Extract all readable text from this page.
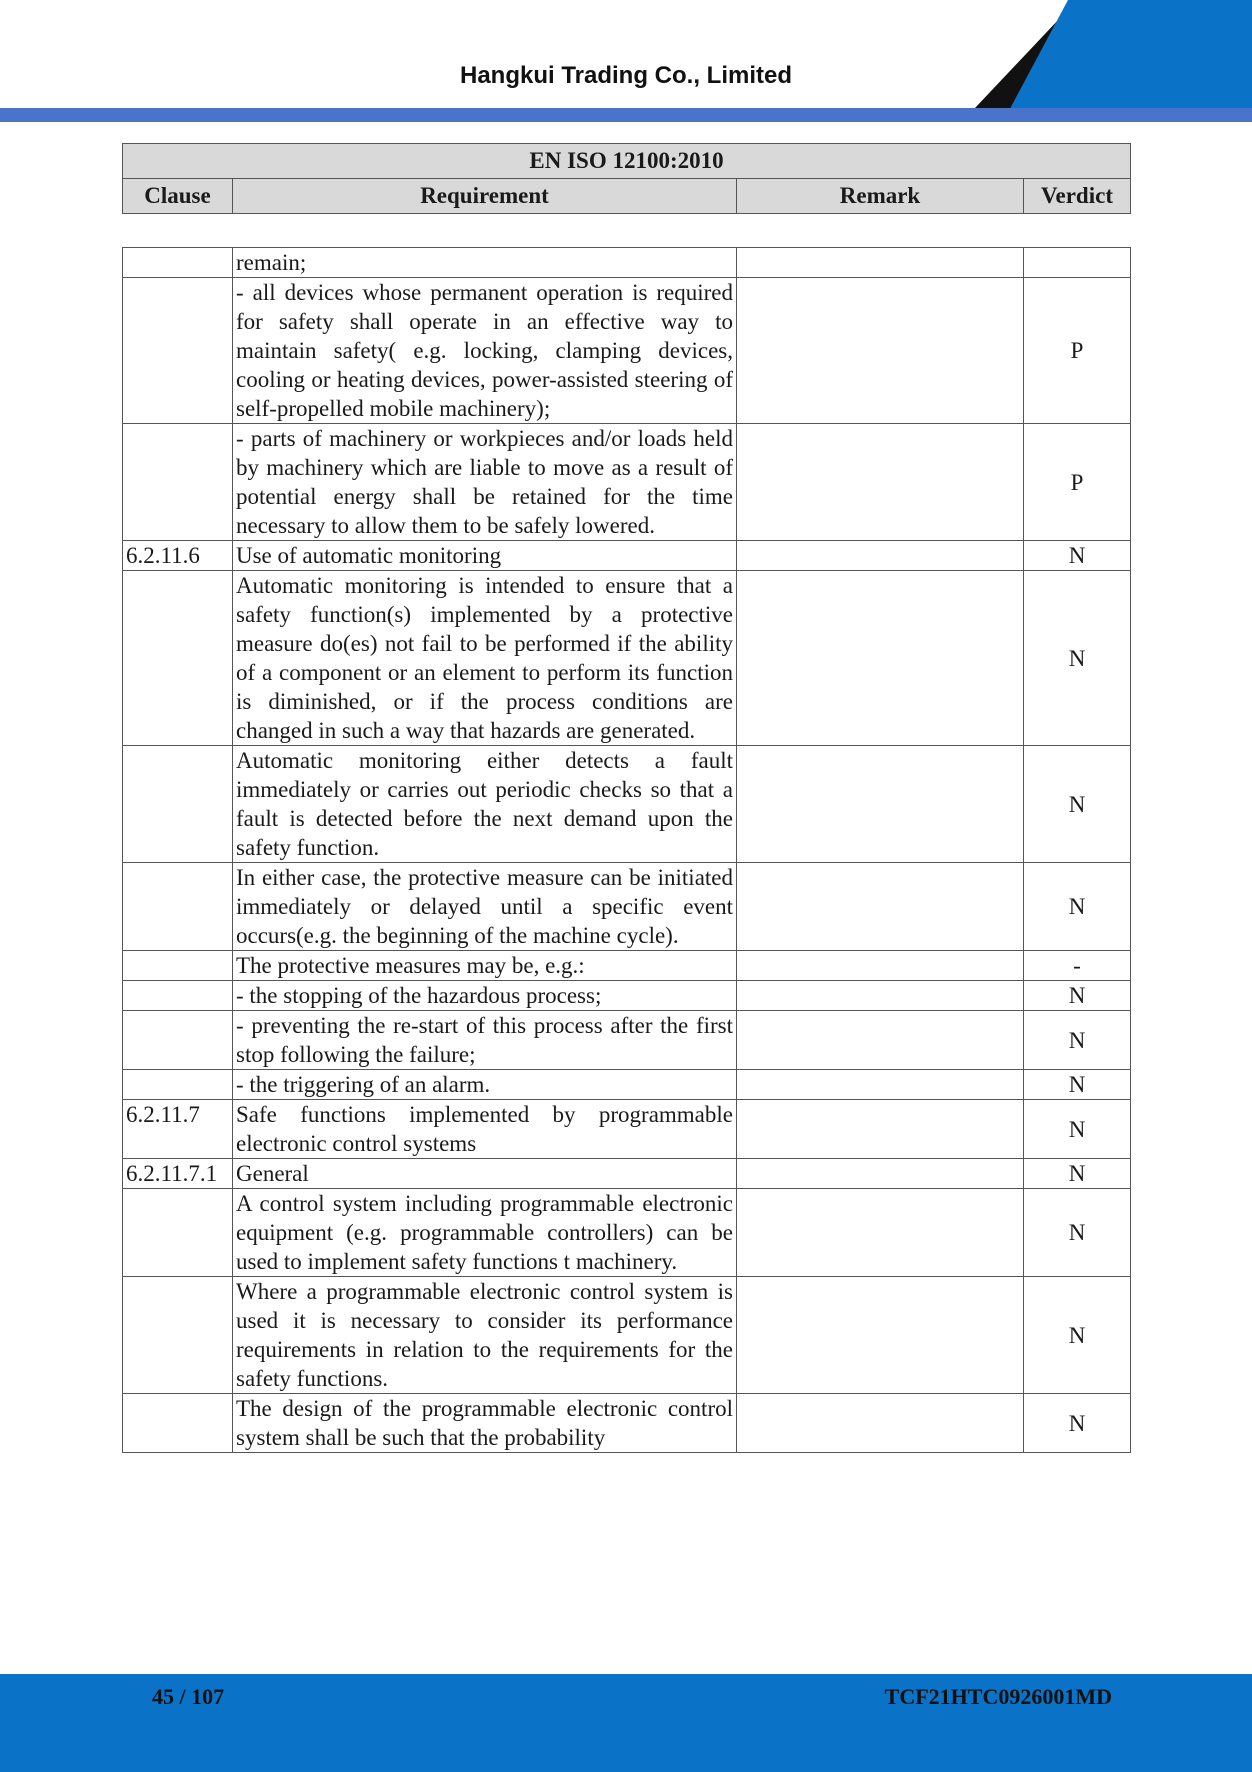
Hangkui Trading Co., Limited
EN ISO 12100:2010
Clause	Requirement	Remark	Verdict
	remain;		
	- all devices whose permanent operation is required for safety shall operate in an effective way to maintain safety( e.g. locking, clamping devices, cooling or heating devices, power-assisted steering of self-propelled mobile machinery);		P
	- parts of machinery or workpieces and/or loads held by machinery which are liable to move as a result of potential energy shall be retained for the time necessary to allow them to be safely lowered.		P
6.2.11.6	Use of automatic monitoring		N
	Automatic monitoring is intended to ensure that a safety function(s) implemented by a protective measure do(es) not fail to be performed if the ability of a component or an element to perform its function is diminished, or if the process conditions are changed in such a way that hazards are generated.		N
	Automatic monitoring either detects a fault immediately or carries out periodic checks so that a fault is detected before the next demand upon the safety function.		N
	In either case, the protective measure can be initiated immediately or delayed until a specific event occurs(e.g. the beginning of the machine cycle).		N
	The protective measures may be, e.g.:		-
	- the stopping of the hazardous process;		N
	- preventing the re-start of this process after the first stop following the failure;		N
	- the triggering of an alarm.		N
6.2.11.7	Safe functions implemented by programmable electronic control systems		N
6.2.11.7.1	General		N
	A control system including programmable electronic equipment (e.g. programmable controllers) can be used to implement safety functions t machinery.		N
	Where a programmable electronic control system is used it is necessary to consider its performance requirements in relation to the requirements for the safety functions.		N
	The design of the programmable electronic control system shall be such that the probability		N
45 / 107	TCF21HTC0926001MD
